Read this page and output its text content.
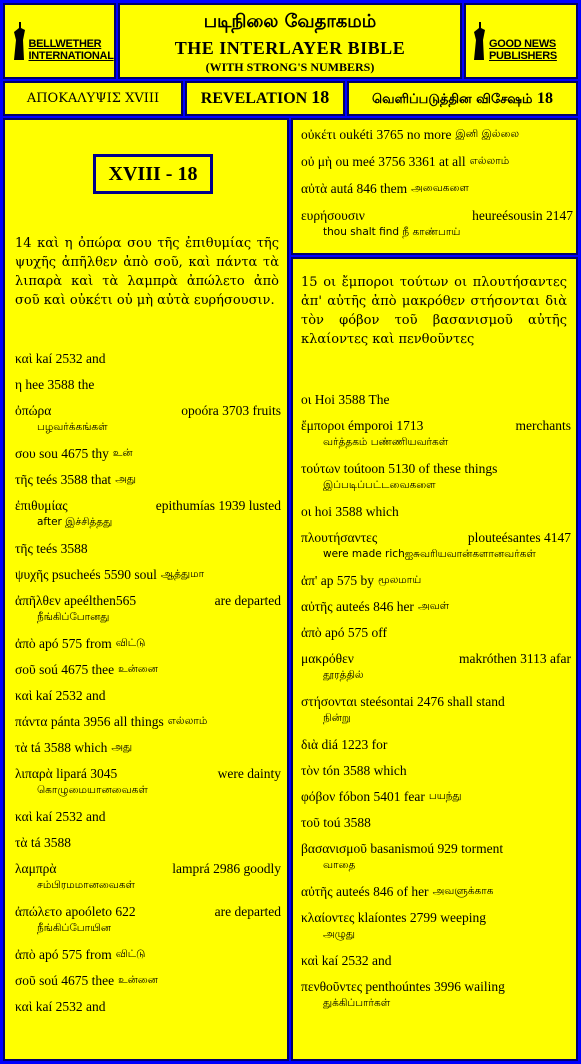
BELLWETHER INTERNATIONAL
படிநிலை வேதாகமம்
THE INTERLAYER BIBLE
(WITH STRONG'S NUMBERS)
GOOD NEWS PUBLISHERS
ΑΠΟΚΑΛΥΨΙΣ XVIII	REVELATION 18	வெளிப்படுத்தின விசேஷம் 18
XVIII - 18
14 καὶ η ὀπώρα σου τῆς ἐπιθυμίας τῆς ψυχῆς ἀπῆλθεν ἀπὸ σοῦ, καὶ πάντα τὰ λιπαρὰ καὶ τὰ λαμπρὰ ἀπώλετο ἀπὸ σοῦ καὶ οὐκέτι οὐ μὴ αὐτὰ ευρήσουσιν.
καὶ kaí 2532 and
η hee 3588 the
ὀπώρα	opoóra 3703 fruits
பழவர்க்கங்கள்
σου sou 4675 thy உன்
τῆς teés 3588 that அது
ἐπιθυμίας	epithumías 1939 lusted
after இச்சித்தது
τῆς teés 3588
ψυχῆς psucheés 5590 soul ஆத்துமா
ἀπῆλθεν apeélthen565	are departed
நீங்கிப்போனது
ἀπὸ apó 575 from விட்டு
σοῦ soú 4675 thee உன்னை
καὶ kaí 2532 and
πάντα pánta 3956 all things எல்லாம்
τὰ tá 3588 which அது
λιπαρὰ lipará 3045	were dainty
கொழுமையானவைகள்
καὶ kaí 2532 and
τὰ tá 3588
λαμπρὰ	lamprá 2986 goodly
சம்பிரமமானவைகள்
ἀπώλετο apoóleto 622	are departed
நீங்கிப்போயின
ἀπὸ apó 575 from விட்டு
σοῦ soú 4675 thee உன்னை
καὶ kaí 2532 and
οὐκέτι oukéti 3765 no more இனி இல்லை
οὐ μὴ ou meé 3756 3361 at all எல்லாம்
αὐτὰ autá 846 them அவைகளை
ευρήσουσιν	heureésousin 2147
thou shalt find நீ காண்பாய்
15 οι ἔμποροι τούτων οι πλουτήσαντες ἀπ' αὐτῆς ἀπὸ μακρόθεν στήσονται διὰ τὸν φόβον τοῦ βασανισμοῦ αὐτῆς κλαίοντες καὶ πενθοῦντες
οι Hoi 3588 The
ἔμποροι émporoi 1713	merchants
வர்த்தகம் பண்ணியவர்கள்
τούτων toútoon 5130 of these things
இப்படிப்பட்டவைகளை
οι hoi 3588 which
πλουτήσαντες	plouteésantes 4147
were made richஐசுவரியவான்களானவர்கள்
ἀπ' ap 575 by மூலமாய்
αὐτῆς auteés 846 her அவள்
ἀπὸ apó 575 off
μακρόθεν	makróthen 3113 afar
தூரத்தில்
στήσονται steésontai 2476 shall stand
நின்று
διὰ diá 1223 for
τὸν tón 3588 which
φόβον fóbon 5401 fear பயந்து
τοῦ toú 3588
βασανισμοῦ basanismoú 929 torment
வாதை
αὐτῆς auteés 846 of her அவளுக்காக
κλαίοντες klaíontes 2799 weeping
அழுது
καὶ kaí 2532 and
πενθοῦντες penthoúntes 3996 wailing
துக்கிப்பார்கள்
